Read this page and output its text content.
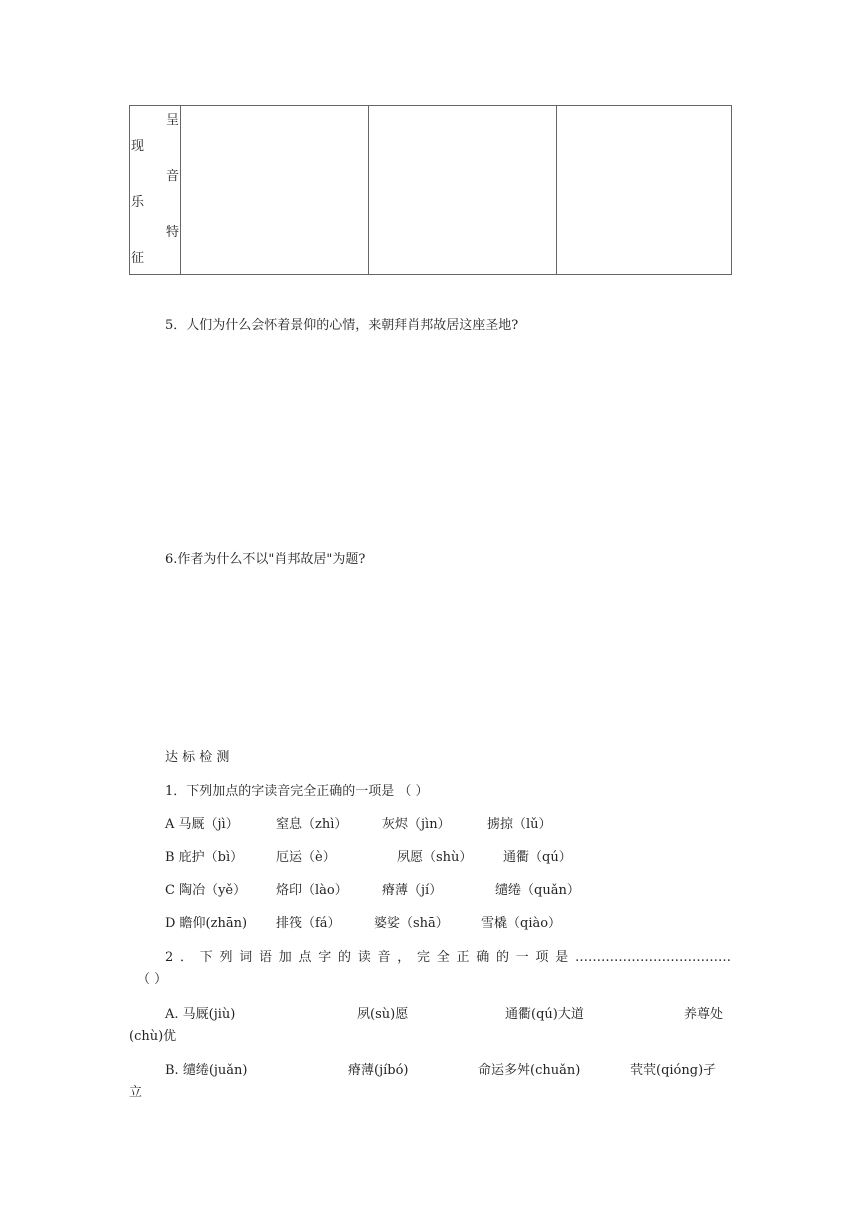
呈
现
音
乐
特
征

5．人们为什么会怀着景仰的心情，来朝拜肖邦故居这座圣地?
6.作者为什么不以"肖邦故居"为题?
达 标 检 测
1．下列加点的字读音完全正确的一项是 （ ）
A 马厩（jì）	窒息（zhì）	灰烬（jìn）	掳掠（lǔ）
B 庇护（bì）	厄运（è）	夙愿（shù） 通衢（qú）
C 陶冶（yě） 烙印（lào）	瘠薄（jí）	缱绻（quǎn）
D 瞻仰(zhān) 排筏（fá）	婆娑（shā） 雪橇（qiào）
2．下列词语加点字的读音，完全正确的一项是………………………………
（ ）
A. 马厩(jiù)	夙(sù)愿	通衢(qú)大道	养尊处
(chù)优
B. 缱绻(juǎn)	瘠薄(jíbó)	命运多舛(chuǎn)	茕茕(qióng)孑
立
